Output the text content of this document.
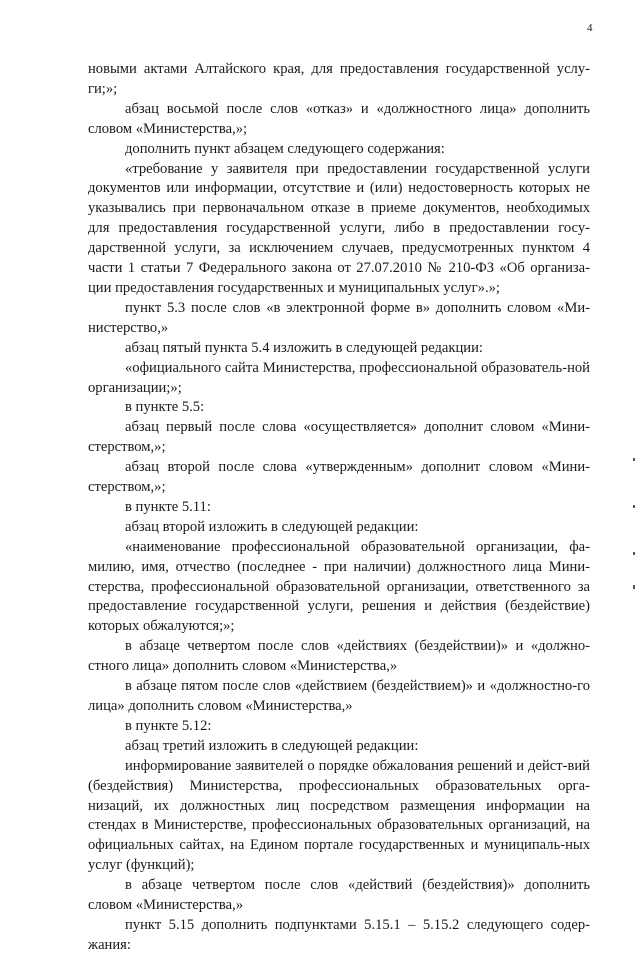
4

новыми актами Алтайского края, для предоставления государственной услу-ги;»;

абзац восьмой после слов «отказ» и «должностного лица» дополнить словом «Министерства,»;

дополнить пункт абзацем следующего содержания:

«требование у заявителя при предоставлении государственной услуги документов или информации, отсутствие и (или) недостоверность которых не указывались при первоначальном отказе в приеме документов, необходимых для предоставления государственной услуги, либо в предоставлении госу-дарственной услуги, за исключением случаев, предусмотренных пунктом 4 части 1 статьи 7 Федерального закона от 27.07.2010 № 210-ФЗ «Об организа-ции предоставления государственных и муниципальных услуг».»;

пункт 5.3 после слов «в электронной форме в» дополнить словом «Ми-нистерство,»

абзац пятый пункта 5.4 изложить в следующей редакции:

«официального сайта Министерства, профессиональной образователь-ной организации;»;

в пункте 5.5:

абзац первый после слова «осуществляется» дополнит словом «Мини-стерством,»;

абзац второй после слова «утвержденным» дополнит словом «Мини-стерством,»;

в пункте 5.11:

абзац второй изложить в следующей редакции:

«наименование профессиональной образовательной организации, фа-милию, имя, отчество (последнее - при наличии) должностного лица Мини-стерства, профессиональной образовательной организации, ответственного за предоставление государственной услуги, решения и действия (бездействие) которых обжалуются;»;

в абзаце четвертом после слов «действиях (бездействии)» и «должно-стного лица» дополнить словом «Министерства,»

в абзаце пятом после слов «действием (бездействием)» и «должностно-го лица» дополнить словом «Министерства,»

в пункте 5.12:

абзац третий изложить в следующей редакции:

информирование заявителей о порядке обжалования решений и дейст-вий (бездействия) Министерства, профессиональных образовательных орга-низаций, их должностных лиц посредством размещения информации на стендах в Министерстве, профессиональных образовательных организаций, на официальных сайтах, на Едином портале государственных и муниципаль-ных услуг (функций);

в абзаце четвертом после слов «действий (бездействия)» дополнить словом «Министерства,»

пункт 5.15 дополнить подпунктами 5.15.1 – 5.15.2 следующего содер-жания:
